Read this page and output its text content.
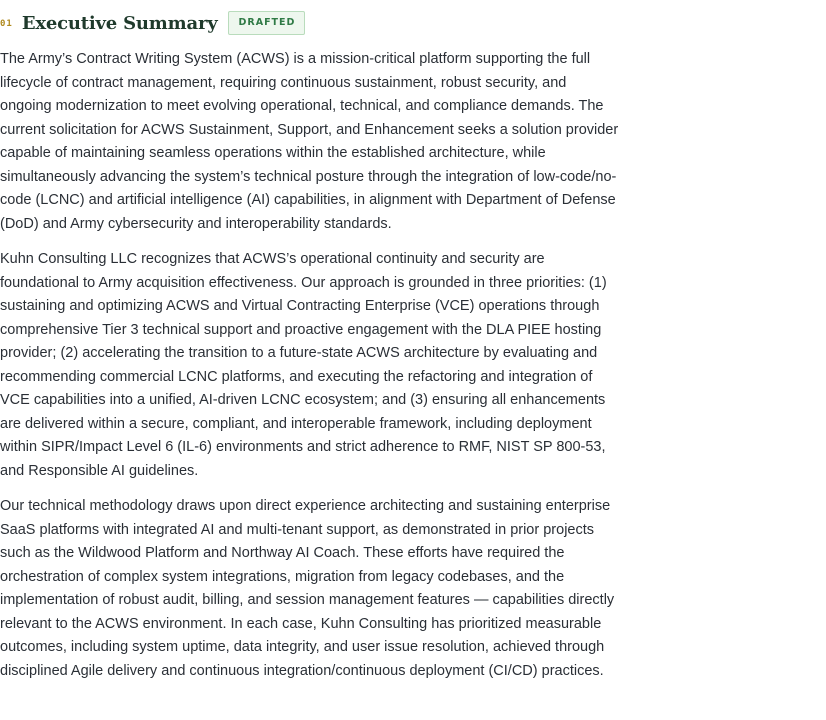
01 Executive Summary	DRAFTED

The Army’s Contract Writing System (ACWS) is a mission-critical platform supporting the full lifecycle of contract management, requiring continuous sustainment, robust security, and ongoing modernization to meet evolving operational, technical, and compliance demands. The current solicitation for ACWS Sustainment, Support, and Enhancement seeks a solution provider capable of maintaining seamless operations within the established architecture, while simultaneously advancing the system’s technical posture through the integration of low-code/no-code (LCNC) and artificial intelligence (AI) capabilities, in alignment with Department of Defense (DoD) and Army cybersecurity and interoperability standards.

Kuhn Consulting LLC recognizes that ACWS’s operational continuity and security are foundational to Army acquisition effectiveness. Our approach is grounded in three priorities: (1) sustaining and optimizing ACWS and Virtual Contracting Enterprise (VCE) operations through comprehensive Tier 3 technical support and proactive engagement with the DLA PIEE hosting provider; (2) accelerating the transition to a future-state ACWS architecture by evaluating and recommending commercial LCNC platforms, and executing the refactoring and integration of VCE capabilities into a unified, AI-driven LCNC ecosystem; and (3) ensuring all enhancements are delivered within a secure, compliant, and interoperable framework, including deployment within SIPR/Impact Level 6 (IL-6) environments and strict adherence to RMF, NIST SP 800-53, and Responsible AI guidelines.

Our technical methodology draws upon direct experience architecting and sustaining enterprise SaaS platforms with integrated AI and multi-tenant support, as demonstrated in prior projects such as the Wildwood Platform and Northway AI Coach. These efforts have required the orchestration of complex system integrations, migration from legacy codebases, and the implementation of robust audit, billing, and session management features — capabilities directly relevant to the ACWS environment. In each case, Kuhn Consulting has prioritized measurable outcomes, including system uptime, data integrity, and user issue resolution, achieved through disciplined Agile delivery and continuous integration/continuous deployment (CI/CD) practices.
